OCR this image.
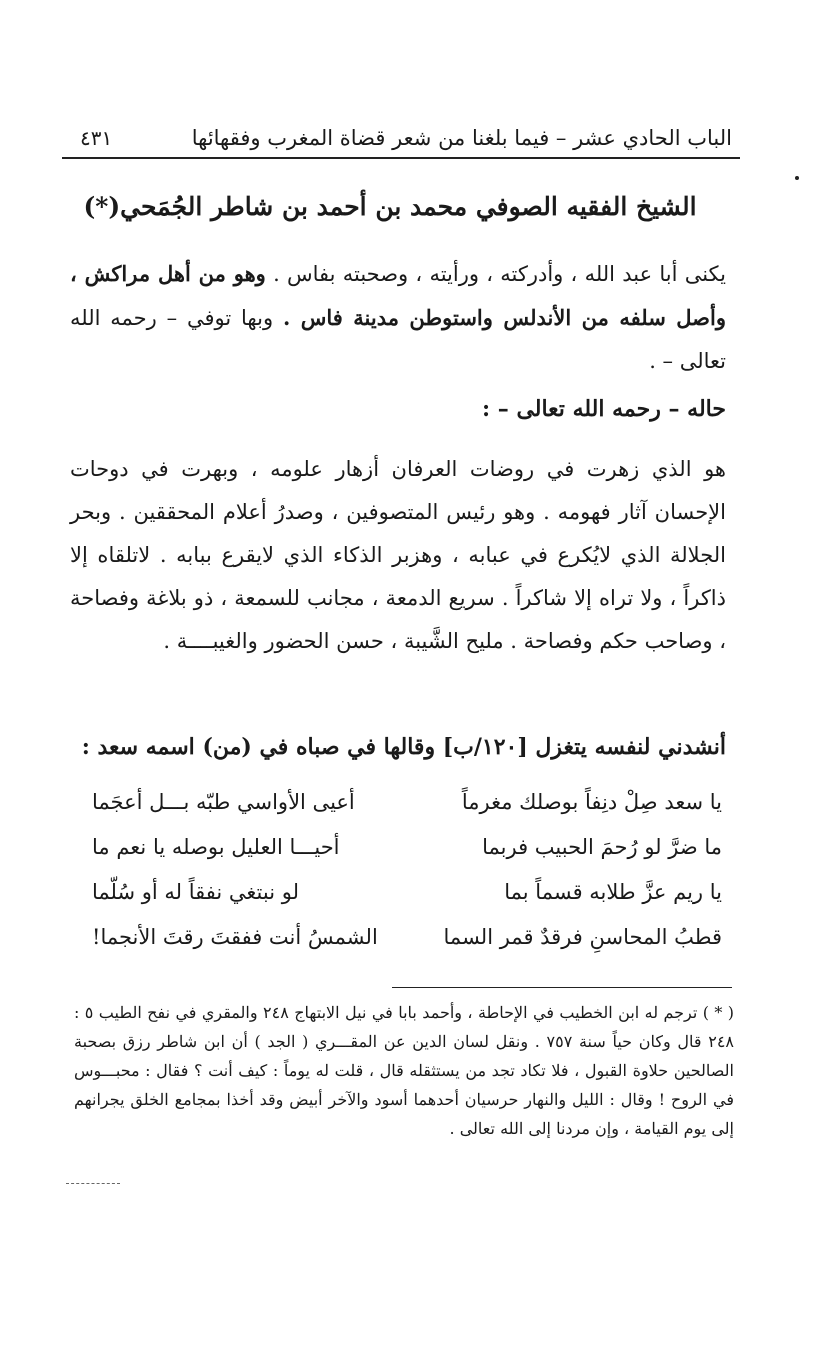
الباب الحادي عشر – فيما بلغنا من شعر قضاة المغرب وفقهائها
٤٣١
الشيخ الفقيه الصوفي محمد بن أحمد بن شاطر الجُمَحي(*)
يكنى أبا عبد الله ، وأدركته ، ورأيته ، وصحبته بفاس . وهو من أهل مراكش ، وأصل سلفه من الأندلس واستوطن مدينة فاس . وبها توفي – رحمه الله تعالى – .
حاله – رحمه الله تعالى – :
هو الذي زهرت في روضات العرفان أزهار علومه ، وبهرت في دوحات الإحسان آثار فهومه . وهو رئيس المتصوفين ، وصدرُ أعلام المحققين . وبحر الجلالة الذي لايُكرع في عبابه ، وهزبر الذكاء الذي لايقرع ببابه . لاتلقاه إلا ذاكراً ، ولا تراه إلا شاكراً . سريع الدمعة ، مجانب للسمعة ، ذو بلاغة وفصاحة ، وصاحب حكم وفصاحة . مليح الشَّيبة ، حسن الحضور والغيبــــة .
أنشدني لنفسه يتغزل [١٢٠/ب] وقالها في صباه في (من) اسمه سعد :
يا سعد صِلْ دنِفاً بوصلك مغرماً
أعيى الأواسي طبّه بـــل أعجَما
ما ضرَّ لو رُحمَ الحبيب فربما
أحيـــا العليل بوصله يا نعم ما
يا ريم عزَّ طلابه قسماً بما
لو نبتغي نفقاً له أو سُلّما
قطبُ المحاسنِ فرقدٌ قمر السما
الشمسُ أنت ففقتَ رقتَ الأنجما!
( * ) ترجم له ابن الخطيب في الإحاطة ، وأحمد بابا في نيل الابتهاج ٢٤٨ والمقري في نفح الطيب ٥ : ٢٤٨ قال وكان حياً سنة ٧٥٧ . ونقل لسان الدين عن المقـــري ( الجد ) أن ابن شاطر رزق بصحبة الصالحين حلاوة القبول ، فلا تكاد تجد من يستثقله قال ، قلت له يوماً : كيف أنت ؟ فقال : محبـــوس في الروح ! وقال : الليل والنهار حرسيان أحدهما أسود والآخر أبيض وقد أخذا بمجامع الخلق يجرانهم إلى يوم القيامة ، وإن مردنا إلى الله تعالى .
